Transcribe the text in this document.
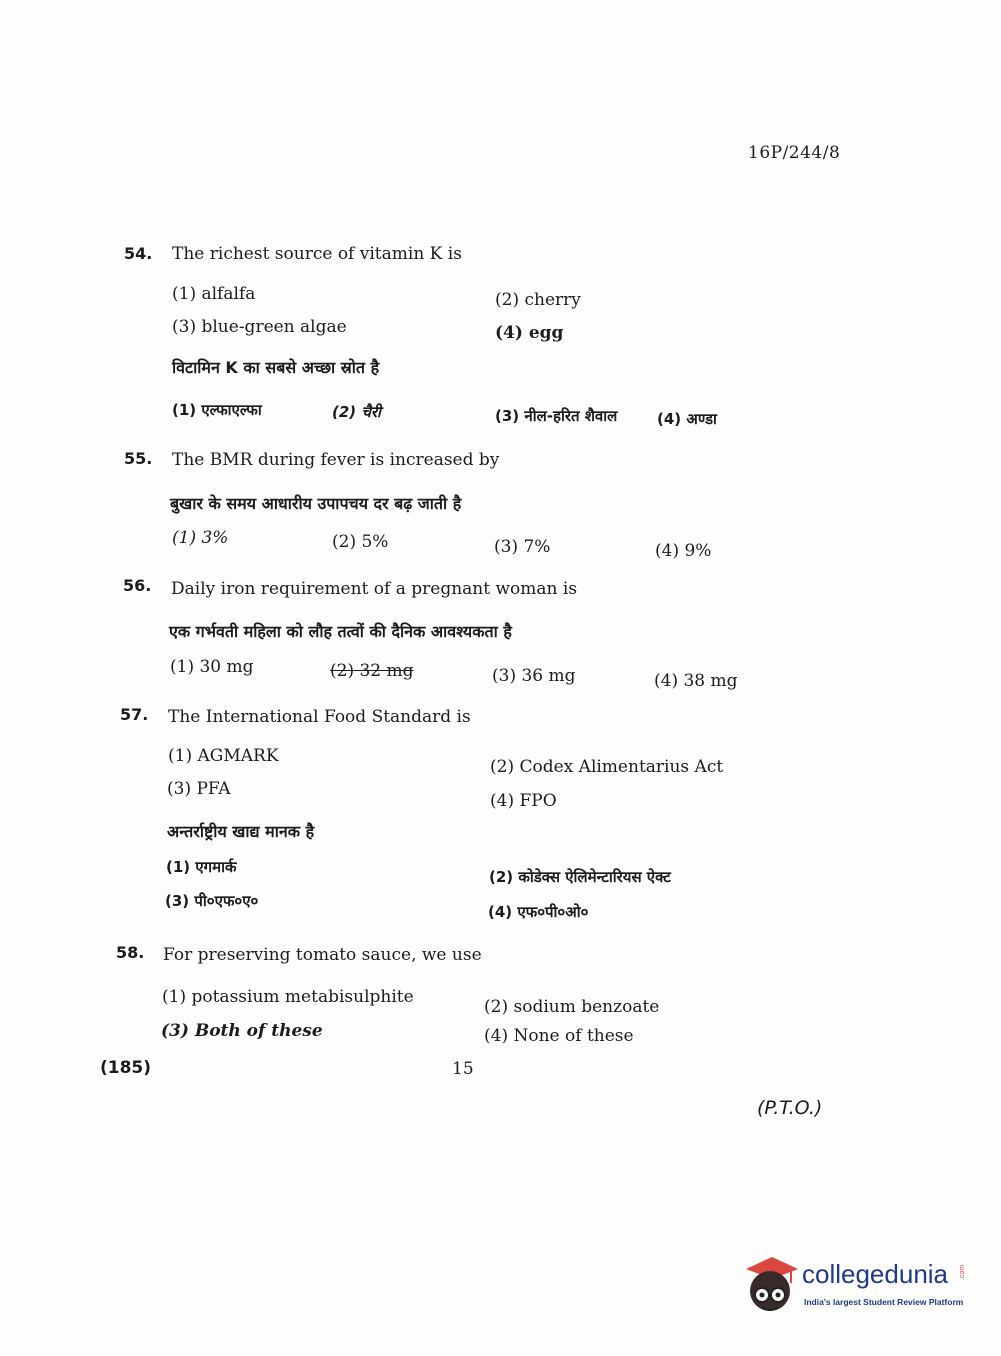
16P/244/8
54. The richest source of vitamin K is
(1) alfalfa	(2) cherry
(3) blue-green algae	(4) egg
विटामिन K का सबसे अच्छा स्रोत है
(1) एल्फाएल्फा	(2) चैरी	(3) नील-हरित शैवाल	(4) अण्डा
55. The BMR during fever is increased by
बुखार के समय आधारीय उपापचय दर बढ़ जाती है
(1) 3%	(2) 5%	(3) 7%	(4) 9%
56. Daily iron requirement of a pregnant woman is
एक गर्भवती महिला को लौह तत्वों की दैनिक आवश्यकता है
(1) 30 mg	(2) 32 mg	(3) 36 mg	(4) 38 mg
57. The International Food Standard is
(1) AGMARK
(2) Codex Alimentarius Act
(3) PFA
(4) FPO
अन्तर्राष्ट्रीय खाद्य मानक है
(1) एगमार्क
(2) कोडेक्स ऐलिमेन्टारियस ऐक्ट
(3) पी०एफ०ए०
(4) एफ०पी०ओ०
58. For preserving tomato sauce, we use
(1) potassium metabisulphite	(2) sodium benzoate
(3) Both of these	(4) None of these
(185)	15
(P.T.O.)
collegedunia .com
India's largest Student Review Platform
